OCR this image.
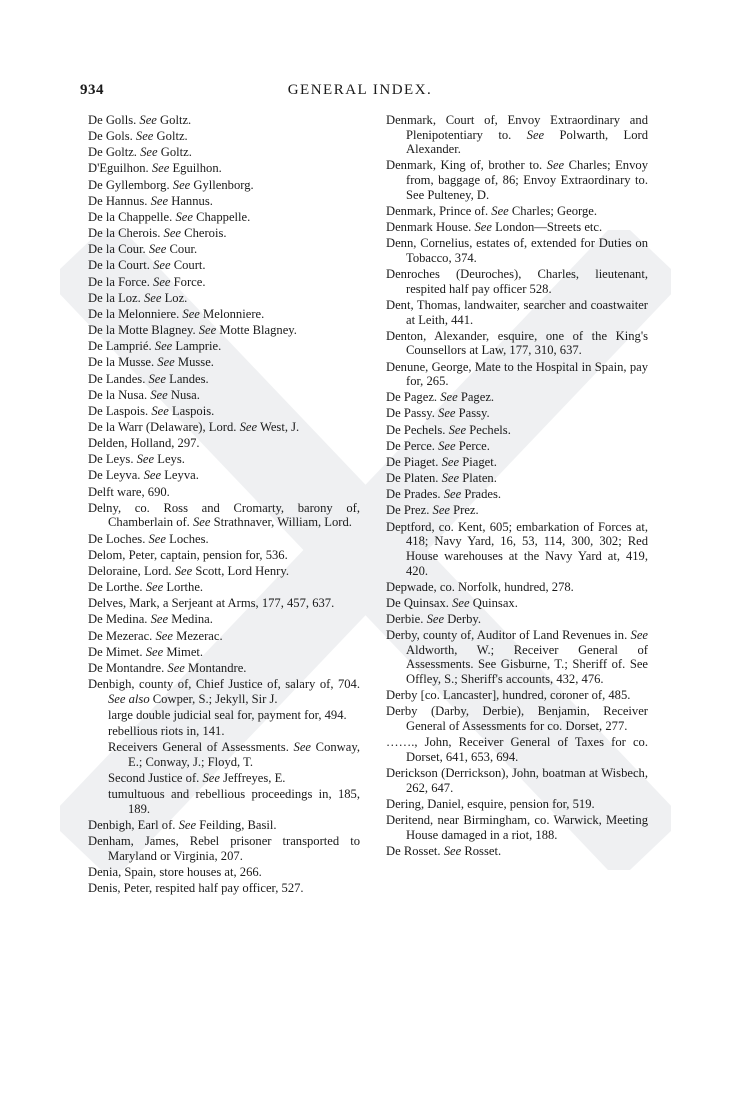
934	GENERAL INDEX.
De Golls. See Goltz.
De Gols. See Goltz.
De Goltz. See Goltz.
D'Eguilhon. See Eguilhon.
De Gyllemborg. See Gyllenborg.
De Hannus. See Hannus.
De la Chappelle. See Chappelle.
De la Cherois. See Cherois.
De la Cour. See Cour.
De la Court. See Court.
De la Force. See Force.
De la Loz. See Loz.
De la Melonniere. See Melonniere.
De la Motte Blagney. See Motte Blagney.
De Lamprié. See Lamprie.
De la Musse. See Musse.
De Landes. See Landes.
De la Nusa. See Nusa.
De Laspois. See Laspois.
De la Warr (Delaware), Lord. See West, J.
Delden, Holland, 297.
De Leys. See Leys.
De Leyva. See Leyva.
Delft ware, 690.
Delny, co. Ross and Cromarty, barony of, Chamberlain of. See Strathnaver, William, Lord.
De Loches. See Loches.
Delom, Peter, captain, pension for, 536.
Deloraine, Lord. See Scott, Lord Henry.
De Lorthe. See Lorthe.
Delves, Mark, a Serjeant at Arms, 177, 457, 637.
De Medina. See Medina.
De Mezerac. See Mezerac.
De Mimet. See Mimet.
De Montandre. See Montandre.
Denbigh, county of, Chief Justice of, salary of, 704. See also Cowper, S.; Jekyll, Sir J.
large double judicial seal for, payment for, 494.
rebellious riots in, 141.
Receivers General of Assessments. See Conway, E.; Conway, J.; Floyd, T.
Second Justice of. See Jeffreyes, E.
tumultuous and rebellious proceedings in, 185, 189.
Denbigh, Earl of. See Feilding, Basil.
Denham, James, Rebel prisoner transported to Maryland or Virginia, 207.
Denia, Spain, store houses at, 266.
Denis, Peter, respited half pay officer, 527.
Denmark, Court of, Envoy Extraordinary and Plenipotentiary to. See Polwarth, Lord Alexander.
Denmark, King of, brother to. See Charles; Envoy from, baggage of, 86; Envoy Extraordinary to. See Pulteney, D.
Denmark, Prince of. See Charles; George.
Denmark House. See London—Streets etc.
Denn, Cornelius, estates of, extended for Duties on Tobacco, 374.
Denroches (Deuroches), Charles, lieutenant, respited half pay officer 528.
Dent, Thomas, landwaiter, searcher and coastwaiter at Leith, 441.
Denton, Alexander, esquire, one of the King's Counsellors at Law, 177, 310, 637.
Denune, George, Mate to the Hospital in Spain, pay for, 265.
De Pagez. See Pagez.
De Passy. See Passy.
De Pechels. See Pechels.
De Perce. See Perce.
De Piaget. See Piaget.
De Platen. See Platen.
De Prades. See Prades.
De Prez. See Prez.
Deptford, co. Kent, 605; embarkation of Forces at, 418; Navy Yard, 16, 53, 114, 300, 302; Red House warehouses at the Navy Yard at, 419, 420.
Depwade, co. Norfolk, hundred, 278.
De Quinsax. See Quinsax.
Derbie. See Derby.
Derby, county of, Auditor of Land Revenues in. See Aldworth, W.; Receiver General of Assessments. See Gisburne, T.; Sheriff of. See Offley, S.; Sheriff's accounts, 432, 476.
Derby [co. Lancaster], hundred, coroner of, 485.
Derby (Darby, Derbie), Benjamin, Receiver General of Assessments for co. Dorset, 277.
……., John, Receiver General of Taxes for co. Dorset, 641, 653, 694.
Derickson (Derrickson), John, boatman at Wisbech, 262, 647.
Dering, Daniel, esquire, pension for, 519.
Deritend, near Birmingham, co. Warwick, Meeting House damaged in a riot, 188.
De Rosset. See Rosset.
